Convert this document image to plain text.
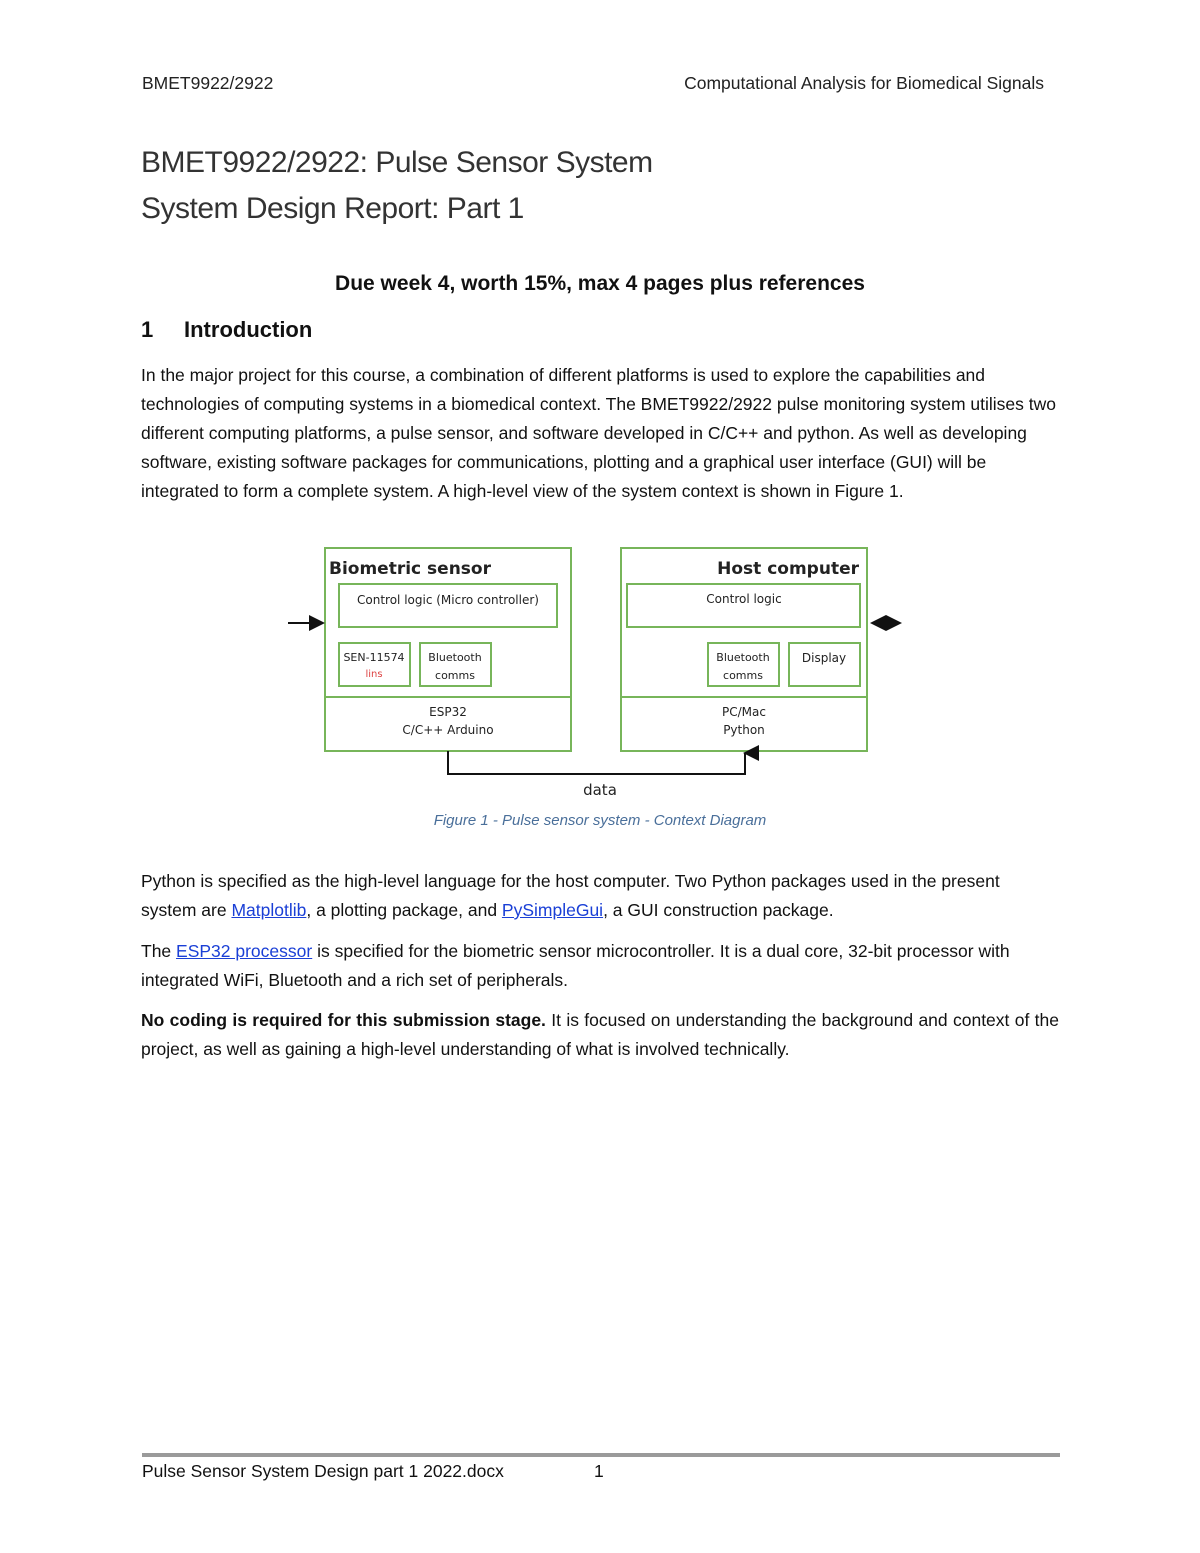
BMET9922/2922	Computational Analysis for Biomedical Signals
BMET9922/2922: Pulse Sensor System
System Design Report: Part 1
Due week 4, worth 15%, max 4 pages plus references
1 Introduction
In the major project for this course, a combination of different platforms is used to explore the capabilities and technologies of computing systems in a biomedical context. The BMET9922/2922 pulse monitoring system utilises two different computing platforms, a pulse sensor, and software developed in C/C++ and python. As well as developing software, existing software packages for communications, plotting and a graphical user interface (GUI) will be integrated to form a complete system. A high-level view of the system context is shown in Figure 1.
Biometric sensor
Control logic (Micro controller)
SEN-11574
lins
Bluetooth
comms
ESP32
C/C++ Arduino
Host computer
Control logic
Bluetooth
comms
Display
PC/Mac
Python
data
Figure 1 - Pulse sensor system - Context Diagram
Python is specified as the high-level language for the host computer. Two Python packages used in the present system are Matplotlib, a plotting package, and PySimpleGui, a GUI construction package.
The ESP32 processor is specified for the biometric sensor microcontroller. It is a dual core, 32-bit processor with integrated WiFi, Bluetooth and a rich set of peripherals.
No coding is required for this submission stage. It is focused on understanding the background and context of the project, as well as gaining a high-level understanding of what is involved technically.
Pulse Sensor System Design part 1 2022.docx	1
